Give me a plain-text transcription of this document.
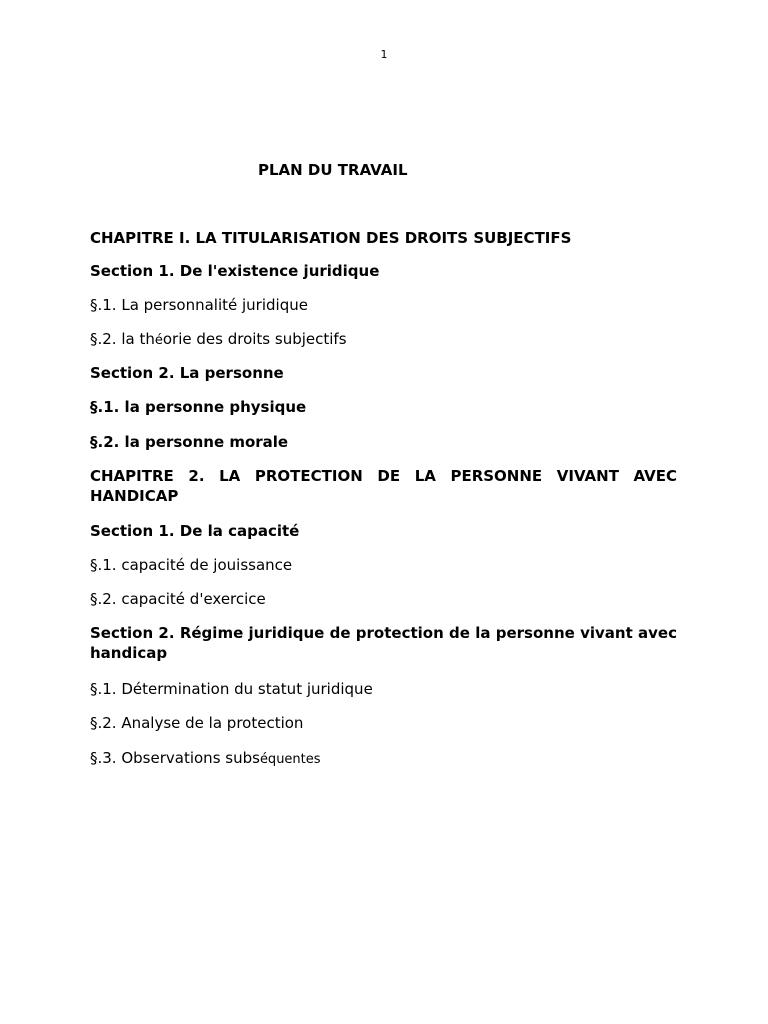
1
PLAN DU TRAVAIL
CHAPITRE I. LA TITULARISATION DES DROITS SUBJECTIFS
Section 1. De l'existence juridique
§.1. La personnalité juridique
§.2. la théorie des droits subjectifs
Section 2. La personne
§.1. la personne physique
§.2. la personne morale
CHAPITRE 2. LA PROTECTION DE LA PERSONNE VIVANT AVEC HANDICAP
Section 1. De la capacité
§.1. capacité de jouissance
§.2. capacité d'exercice
Section 2. Régime juridique de protection de la personne vivant avec handicap
§.1. Détermination du statut juridique
§.2. Analyse de la protection
§.3. Observations subséquentes
